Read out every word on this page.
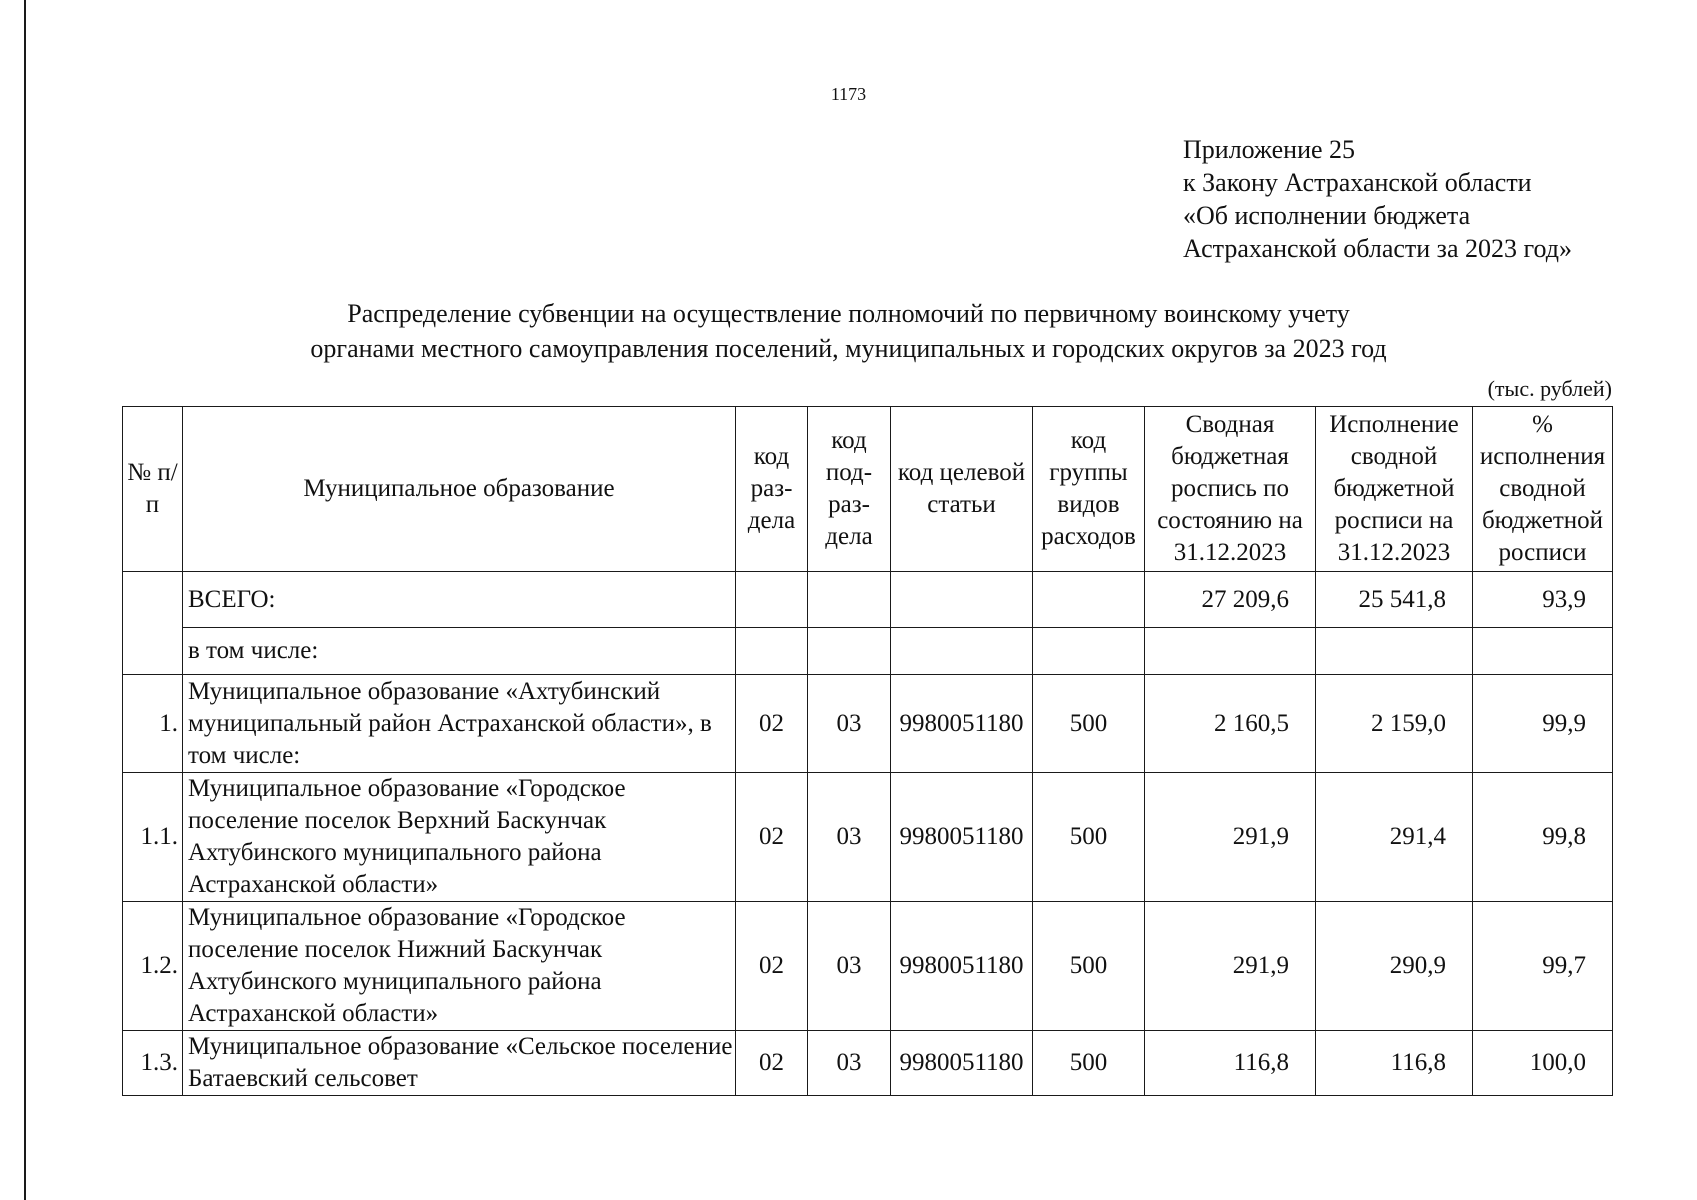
1173
Приложение 25
к Закону Астраханской области
«Об исполнении бюджета
Астраханской области за 2023 год»
Распределение субвенции на осуществление полномочий по первичному воинскому учету
органами местного самоуправления поселений, муниципальных и городских округов за 2023 год
(тыс. рублей)
№ п/п	Муниципальное образование	код раз-дела	код под-раз-дела	код целевой статьи	код группы видов расходов	Сводная бюджетная роспись по состоянию на 31.12.2023	Исполнение сводной бюджетной росписи на 31.12.2023	% исполнения сводной бюджетной росписи
	ВСЕГО:					27 209,6	25 541,8	93,9
	в том числе:							
1.	Муниципальное образование «Ахтубинский муниципальный район Астраханской области», в том числе:	02	03	9980051180	500	2 160,5	2 159,0	99,9
1.1.	Муниципальное образование «Городское поселение поселок Верхний Баскунчак Ахтубинского муниципального района Астраханской области»	02	03	9980051180	500	291,9	291,4	99,8
1.2.	Муниципальное образование «Городское поселение поселок Нижний Баскунчак Ахтубинского муниципального района Астраханской области»	02	03	9980051180	500	291,9	290,9	99,7
1.3.	Муниципальное образование «Сельское поселение Батаевский сельсовет	02	03	9980051180	500	116,8	116,8	100,0
